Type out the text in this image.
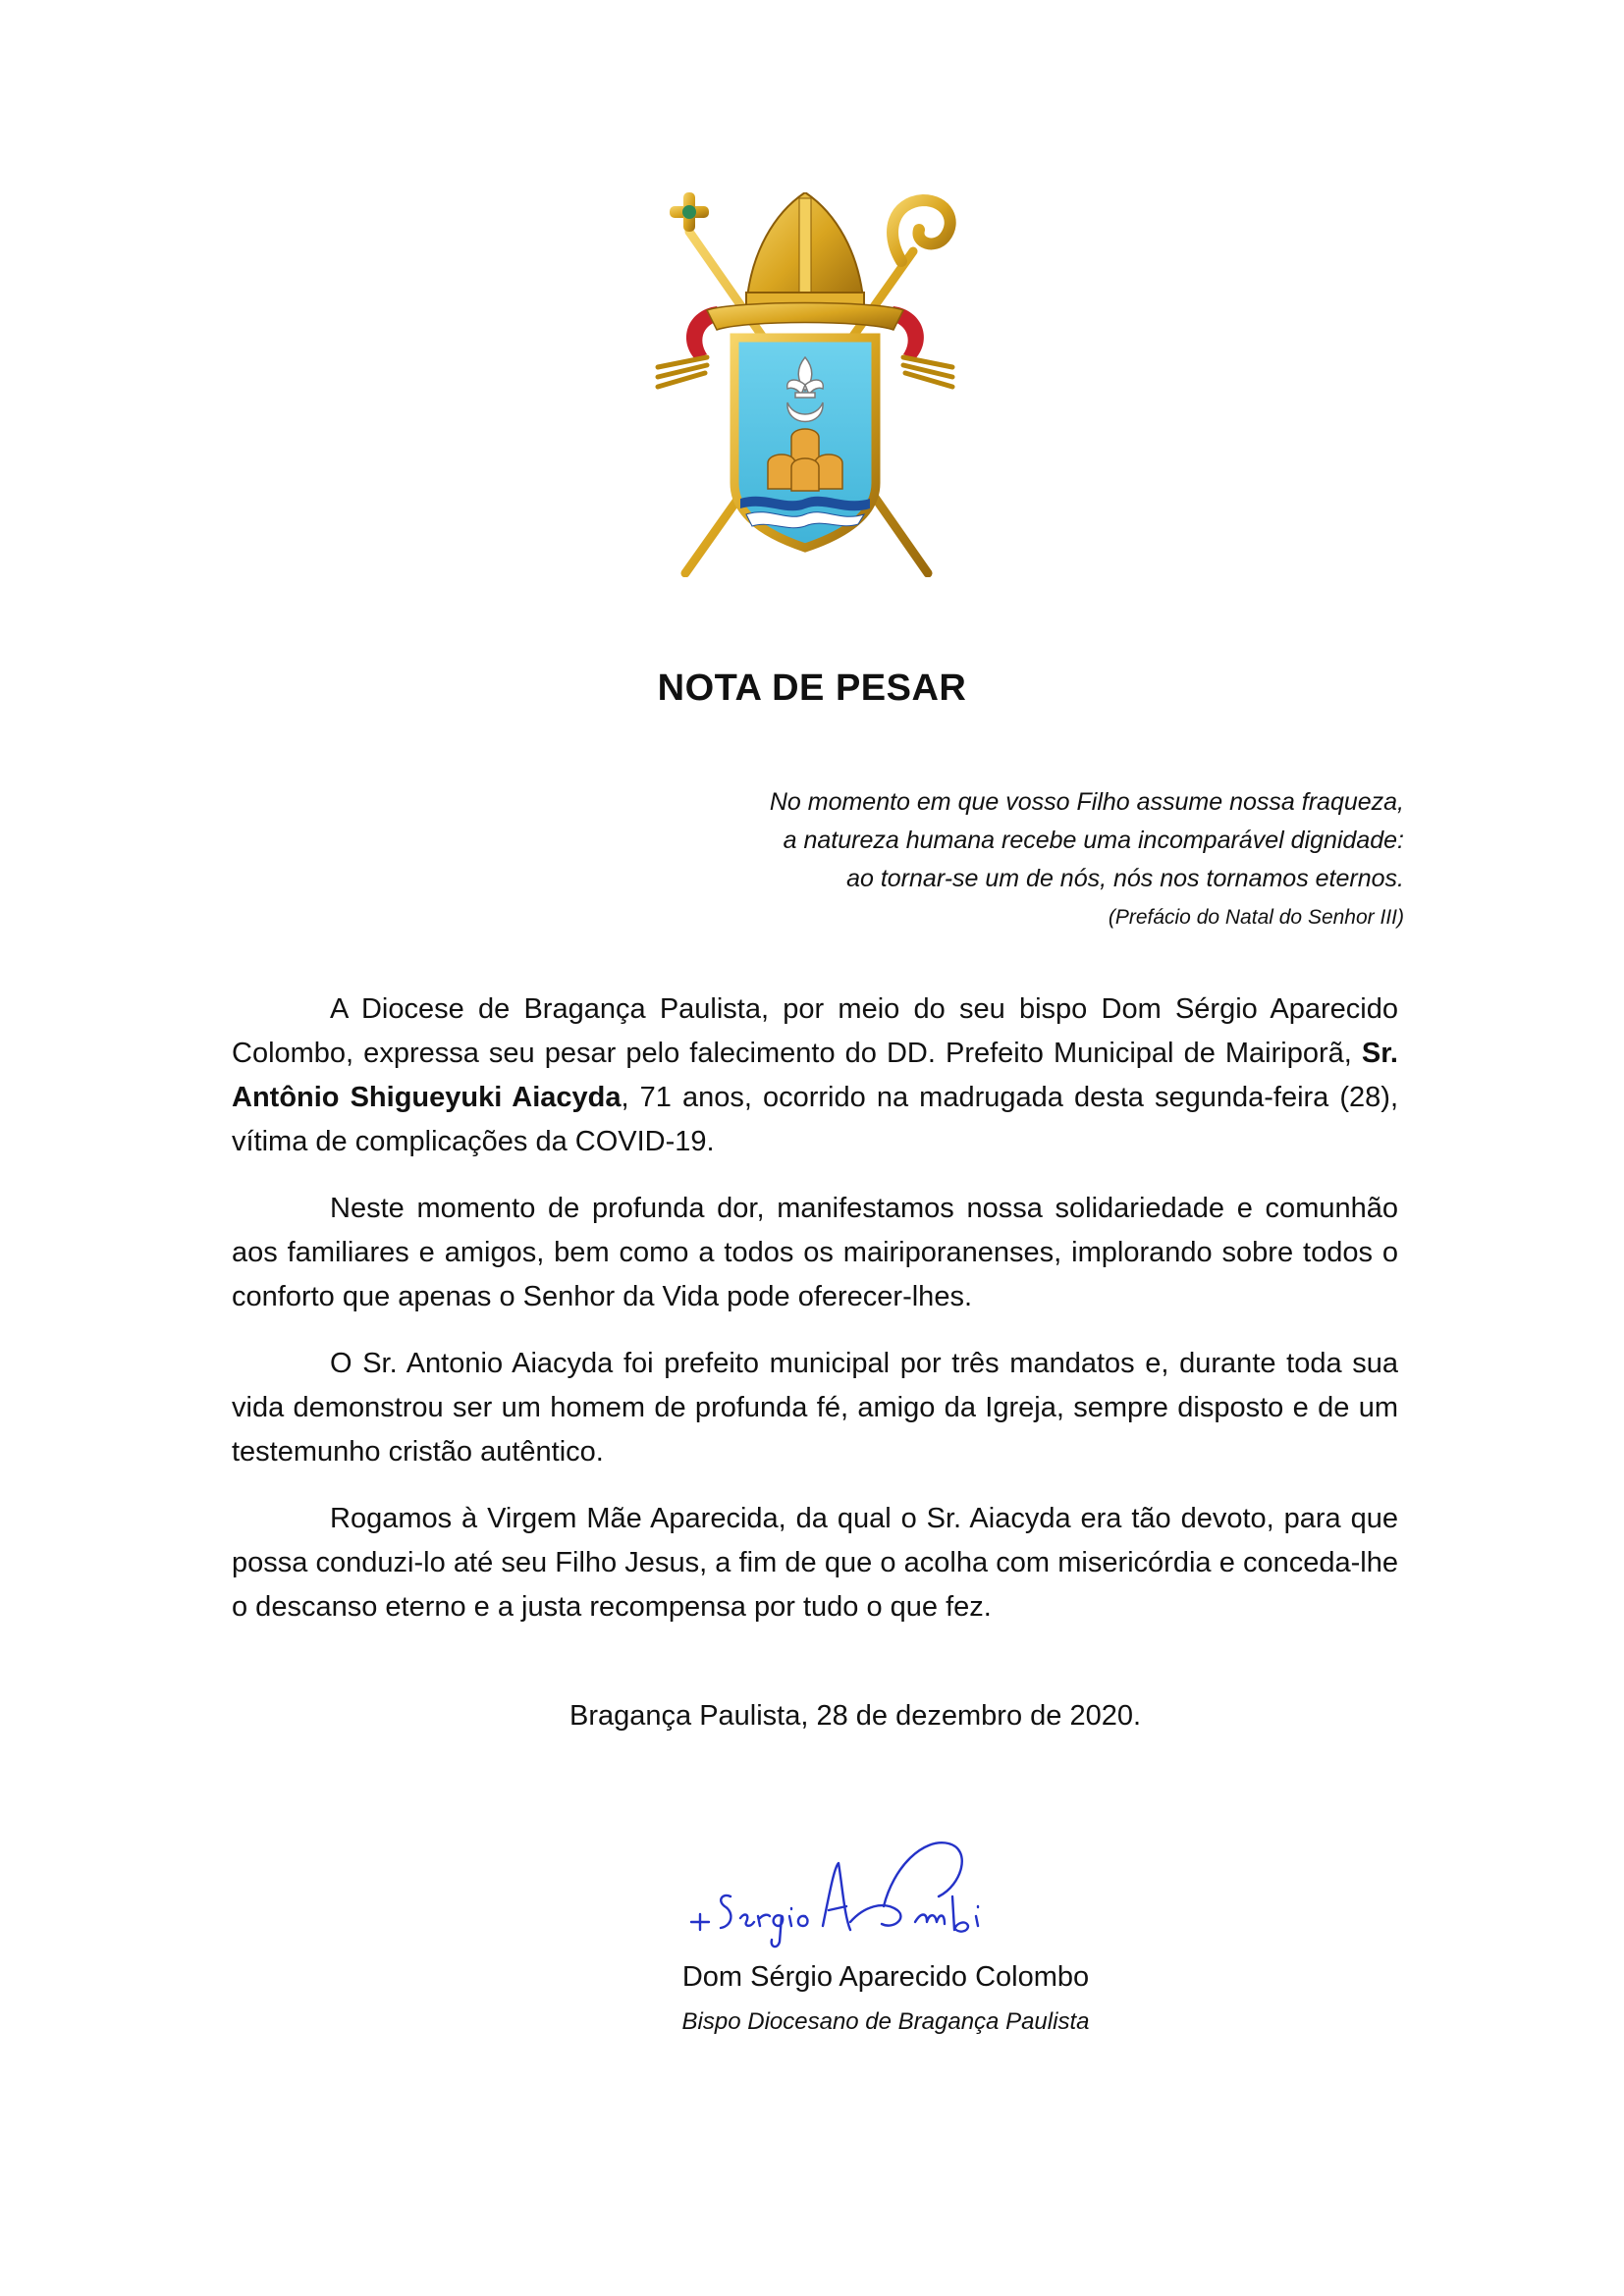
NOTA DE PESAR
No momento em que vosso Filho assume nossa fraqueza,
a natureza humana recebe uma incomparável dignidade:
ao tornar-se um de nós, nós nos tornamos eternos.
(Prefácio do Natal do Senhor III)

A Diocese de Bragança Paulista, por meio do seu bispo Dom Sérgio Aparecido Colombo, expressa seu pesar pelo falecimento do DD. Prefeito Municipal de Mairiporã, Sr. Antônio Shigueyuki Aiacyda, 71 anos, ocorrido na madrugada desta segunda-feira (28), vítima de complicações da COVID-19.

Neste momento de profunda dor, manifestamos nossa solidariedade e comunhão aos familiares e amigos, bem como a todos os mairiporanenses, implorando sobre todos o conforto que apenas o Senhor da Vida pode oferecer-lhes.

O Sr. Antonio Aiacyda foi prefeito municipal por três mandatos e, durante toda sua vida demonstrou ser um homem de profunda fé, amigo da Igreja, sempre disposto e de um testemunho cristão autêntico.

Rogamos à Virgem Mãe Aparecida, da qual o Sr. Aiacyda era tão devoto, para que possa conduzi-lo até seu Filho Jesus, a fim de que o acolha com misericórdia e conceda-lhe o descanso eterno e a justa recompensa por tudo o que fez.

Bragança Paulista, 28 de dezembro de 2020.
+ Sérgio Aparecido Colombo
Dom Sérgio Aparecido Colombo
Bispo Diocesano de Bragança Paulista
